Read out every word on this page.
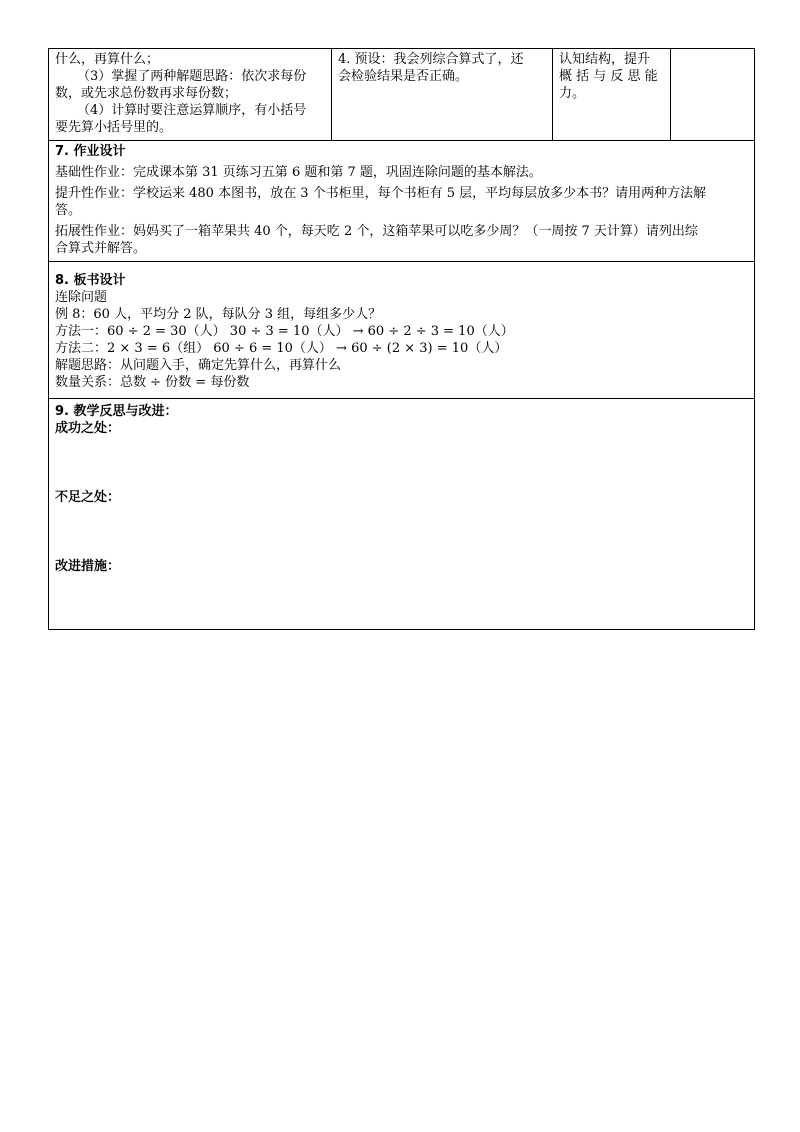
什么，再算什么；
（3）掌握了两种解题思路：依次求每份
数，或先求总份数再求每份数；
（4）计算时要注意运算顺序，有小括号
要先算小括号里的。

4. 预设：我会列综合算式了，还
会检验结果是否正确。

认知结构，提升
概 括 与 反 思 能
力。

7. 作业设计
基础性作业：完成课本第 31 页练习五第 6 题和第 7 题，巩固连除问题的基本解法。
提升性作业：学校运来 480 本图书，放在 3 个书柜里，每个书柜有 5 层，平均每层放多少本书？请用两种方法解
答。
拓展性作业：妈妈买了一箱苹果共 40 个，每天吃 2 个，这箱苹果可以吃多少周？（一周按 7 天计算）请列出综
合算式并解答。

8. 板书设计
连除问题
例 8：60 人，平均分 2 队，每队分 3 组，每组多少人？
方法一：60 ÷ 2 = 30（人） 30 ÷ 3 = 10（人） → 60 ÷ 2 ÷ 3 = 10（人）
方法二：2 × 3 = 6（组） 60 ÷ 6 = 10（人） → 60 ÷ (2 × 3) = 10（人）
解题思路：从问题入手，确定先算什么，再算什么
数量关系：总数 ÷ 份数 = 每份数

9. 教学反思与改进：
成功之处：
不足之处：
改进措施：
